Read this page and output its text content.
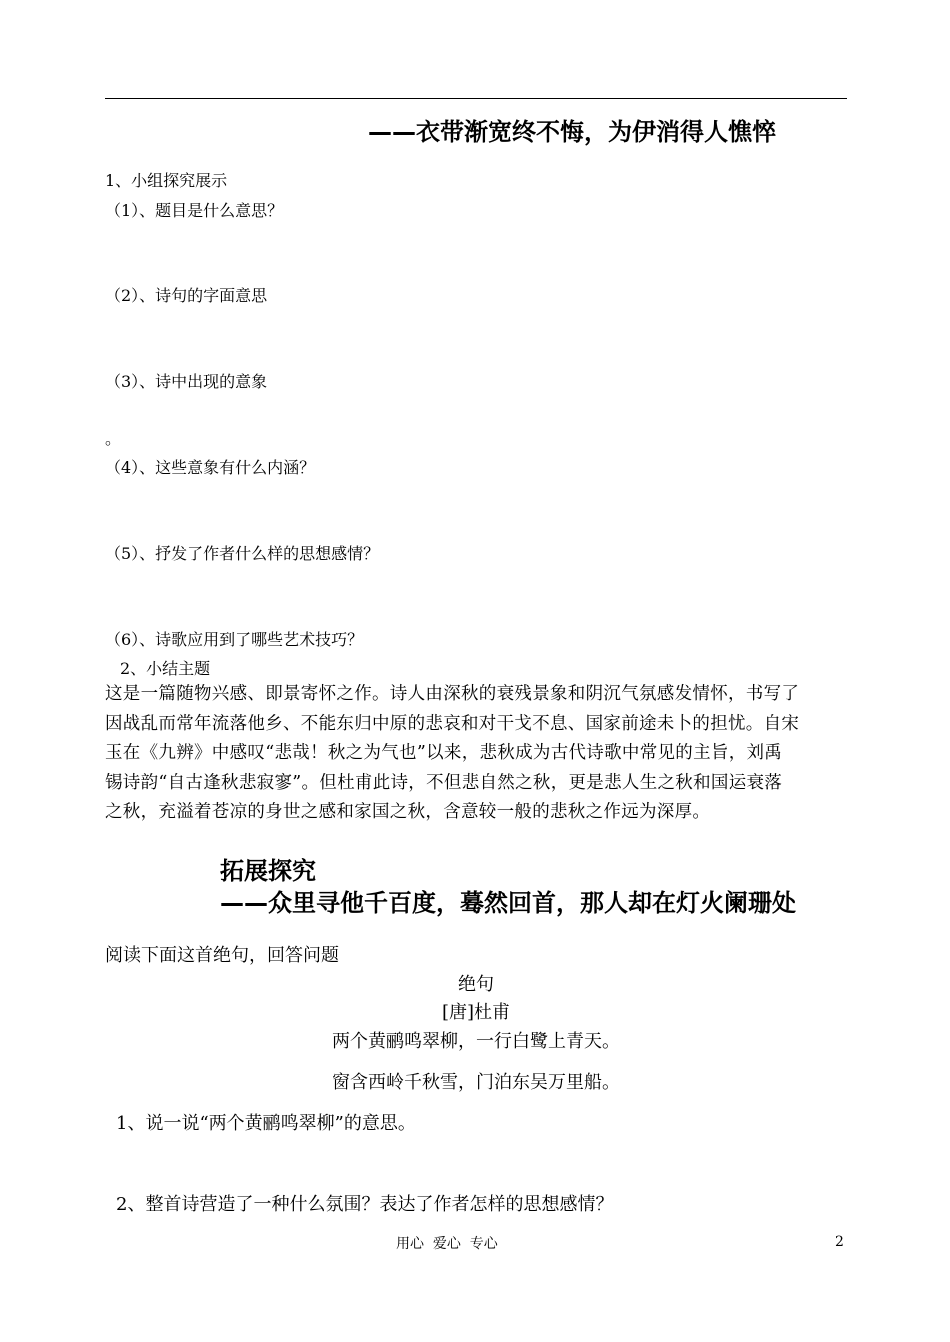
——衣带渐宽终不悔，为伊消得人憔悴
1、小组探究展示
（1）、题目是什么意思？
（2）、诗句的字面意思
（3）、诗中出现的意象
。
（4）、这些意象有什么内涵？
（5）、抒发了作者什么样的思想感情？
（6）、诗歌应用到了哪些艺术技巧？
2、小结主题
这是一篇随物兴感、即景寄怀之作。诗人由深秋的衰残景象和阴沉气氛感发情怀，书写了
因战乱而常年流落他乡、不能东归中原的悲哀和对干戈不息、国家前途未卜的担忧。自宋
玉在《九辨》中感叹“悲哉！秋之为气也”以来，悲秋成为古代诗歌中常见的主旨，刘禹
锡诗韵“自古逢秋悲寂寥”。但杜甫此诗，不但悲自然之秋，更是悲人生之秋和国运衰落
之秋，充溢着苍凉的身世之感和家国之秋，含意较一般的悲秋之作远为深厚。
拓展探究
——众里寻他千百度，蓦然回首，那人却在灯火阑珊处
阅读下面这首绝句，回答问题
绝句
[唐]杜甫
两个黄鹂鸣翠柳，一行白鹭上青天。
窗含西岭千秋雪，门泊东吴万里船。
1、说一说“两个黄鹂鸣翠柳”的意思。
2、整首诗营造了一种什么氛围？表达了作者怎样的思想感情？
用心  爱心  专心	2
